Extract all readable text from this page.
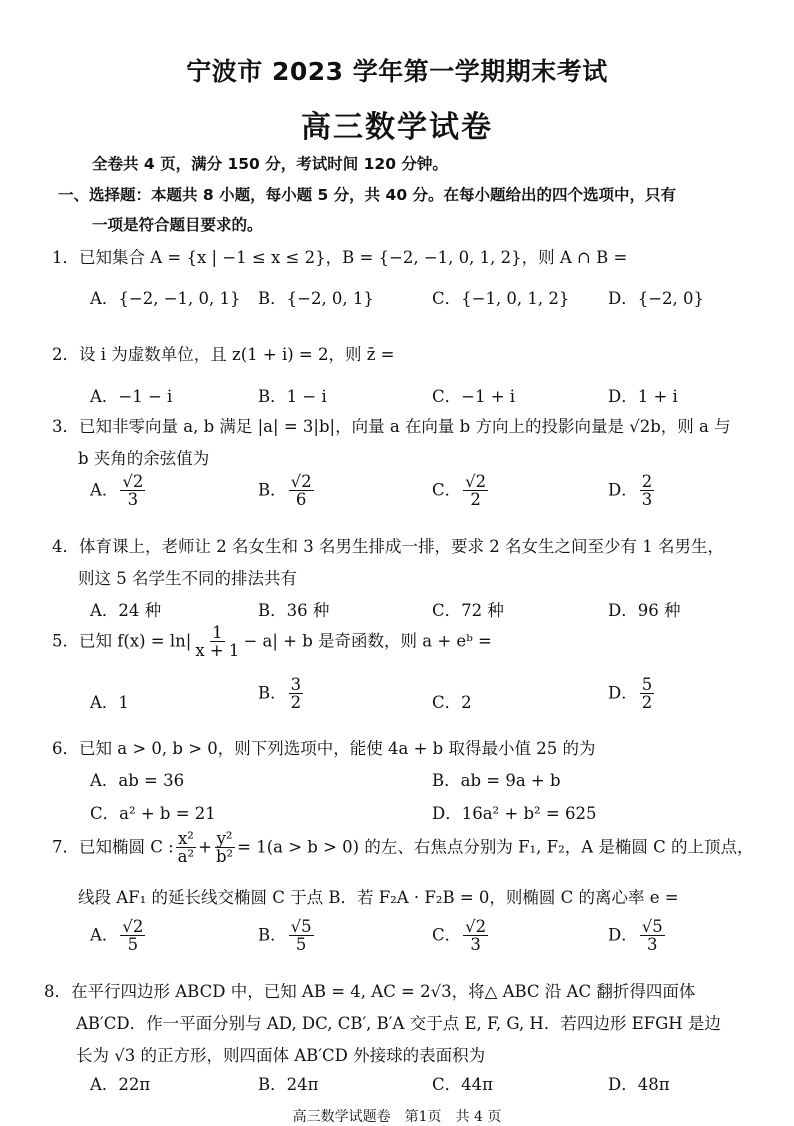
宁波市 2023 学年第一学期期末考试
高三数学试卷
全卷共 4 页，满分 150 分，考试时间 120 分钟。
一、选择题：本题共 8 小题，每小题 5 分，共 40 分。在每小题给出的四个选项中，只有
一项是符合题目要求的。
1．已知集合 A = {x | −1 ≤ x ≤ 2}，B = {−2, −1, 0, 1, 2}，则 A ∩ B =
A．{−2, −1, 0, 1} B．{−2, 0, 1}	C．{−1, 0, 1, 2} D．{−2, 0}
2．设 i 为虚数单位，且 z(1 + i) = 2，则 z̄ =
A．−1 − i	B．1 − i	C．−1 + i	D．1 + i
3．已知非零向量 a, b 满足 |a| = 3|b|，向量 a 在向量 b 方向上的投影向量是 √2b，则 a 与
b 夹角的余弦值为
A． $\frac{√2}{3}$	B． $\frac{√2}{6}$	C． $\frac{√2}{2}$	D． $\frac{2}{3}$
4．体育课上，老师让 2 名女生和 3 名男生排成一排，要求 2 名女生之间至少有 1 名男生，
则这 5 名学生不同的排法共有
A．24 种	B．36 种	C．72 种	D．96 种
5．已知 $f(x) = \ln| \frac{1}{x + 1} - a| + b$ 是奇函数，则 a + eᵇ =
A．1
B． $\frac{3}{2}$	C．2
D． $\frac{5}{2}$
6．已知 a > 0, b > 0，则下列选项中，能使 4a + b 取得最小值 25 的为
A．ab = 36	B．ab = 9a + b
C．a² + b = 21	D．16a² + b² = 625
7．已知椭圆 C : $\frac{\text{x²}}{\text{a²}} + \frac{\text{y²}}{\text{b²}} = 1(a > b > 0)$ 的左、右焦点分别为 F₁, F₂，A 是椭圆 C 的上顶点，
线段 AF₁ 的延长线交椭圆 C 于点 B．若 F₂A · F₂B = 0，则椭圆 C 的离心率 e =
A． $\frac{√2}{5}$	B． $\frac{√5}{5}$	C． $\frac{√2}{3}$	D． $\frac{√5}{3}$
8．在平行四边形 ABCD 中，已知 AB = 4, AC = 2√3，将△ ABC 沿 AC 翻折得四面体
AB′CD．作一平面分别与 AD, DC, CB′, B′A 交于点 E, F, G, H．若四边形 EFGH 是边
长为 √3 的正方形，则四面体 AB′CD 外接球的表面积为
A．22π	B．24π	C．44π	D．48π
高三数学试题卷　第1页　共 4 页
